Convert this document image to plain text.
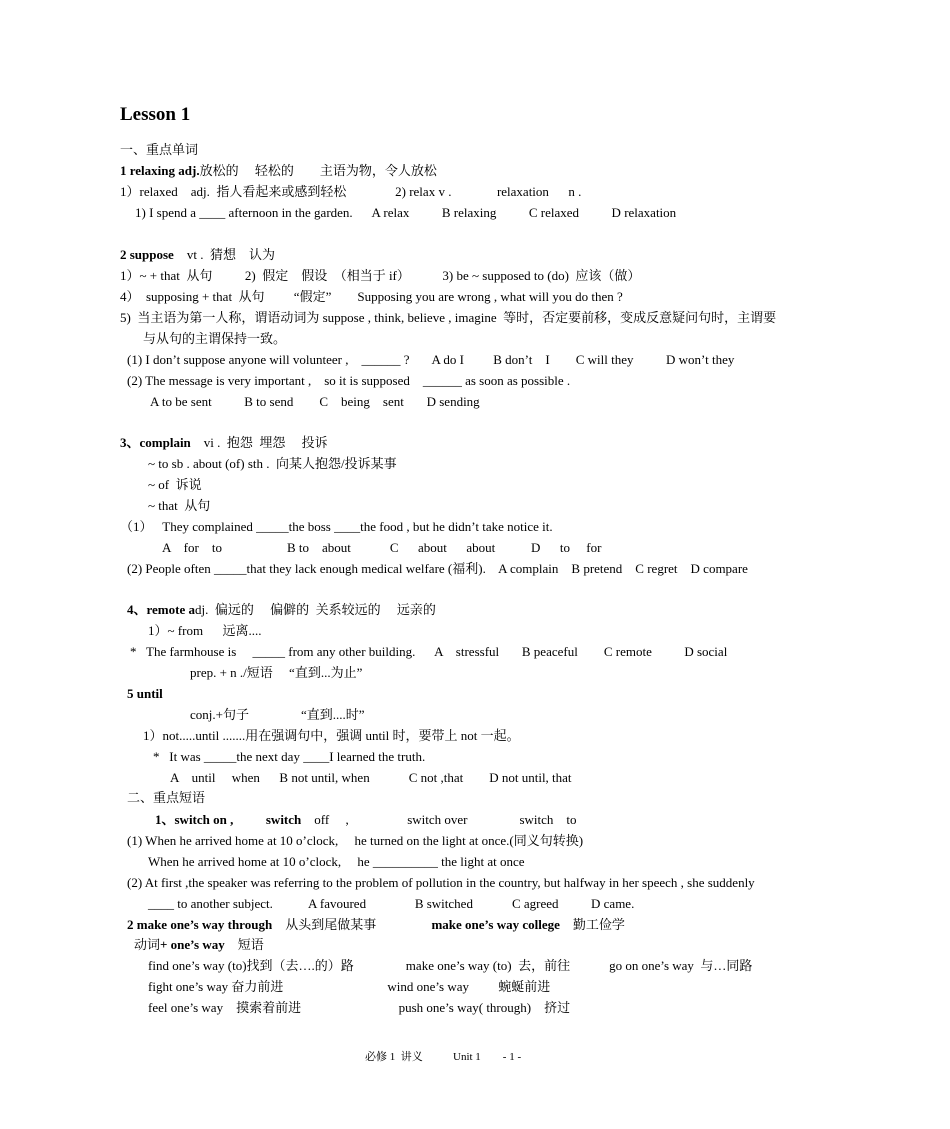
Lesson 1
一、重点单词
1 relaxing adj.放松的     轻松的        主语为物，令人放松
1）relaxed    adj.  指人看起来或感到轻松               2) relax v .              relaxation      n .
1) I spend a ____ afternoon in the garden.      A relax          B relaxing          C relaxed          D relaxation
2 suppose    vt .  猜想    认为
1）~ + that  从句          2)  假定    假设  （相当于 if）          3) be ~ supposed to (do)  应该（做）
4）  supposing + that  从句         “假定”        Supposing you are wrong , what will you do then ?
5)  当主语为第一人称，谓语动词为 suppose , think, believe , imagine  等时，否定要前移，变成反意疑问句时，主谓要
与从句的主谓保持一致。
(1) I don’t suppose anyone will volunteer ,    ______ ?       A do I         B don’t    I        C will they          D won’t they
(2) The message is very important ,    so it is supposed    ______ as soon as possible .
A to be sent          B to send        C    being    sent       D sending
3、complain    vi .  抱怨  埋怨     投诉
~ to sb . about (of) sth .  向某人抱怨/投诉某事
~ of  诉说
~ that  从句
（1）   They complained _____the boss ____the food , but he didn’t take notice it.
A    for    to                    B to    about            C      about      about           D      to     for
(2) People often _____that they lack enough medical welfare (福利).    A complain    B pretend    C regret    D compare
4、remote adj.  偏远的     偏僻的  关系较远的     远亲的
1）~ from      远离....
*   The farmhouse is     _____ from any other building.      A    stressful       B peaceful        C remote          D social
prep. + n ./短语     “直到...为止”
5 until
conj.+句子                “直到....时”
1）not.....until .......用在强调句中，强调 until 时，要带上 not 一起。
*   It was _____the next day ____I learned the truth.
A    until     when      B not until, when            C not ,that        D not until, that
二、重点短语
1、switch on ,	switch    off     ,                  switch over                switch    to
(1) When he arrived home at 10 o’clock,     he turned on the light at once.(同义句转换)
When he arrived home at 10 o’clock,     he __________ the light at once
(2) At first ,the speaker was referring to the problem of pollution in the country, but halfway in her speech , she suddenly
____ to another subject.           A favoured               B switched            C agreed          D came.
2 make one’s way through    从头到尾做某事                 make one’s way college    勤工俭学
动词+ one’s way    短语
find one’s way (to)找到（去….的）路                make one’s way (to)  去，前往            go on one’s way  与…同路
fight one’s way 奋力前进                                wind one’s way         蜿蜒前进
feel one’s way    摸索着前进                              push one’s way( through)    挤过
必修 1  讲义           Unit 1        - 1 -
